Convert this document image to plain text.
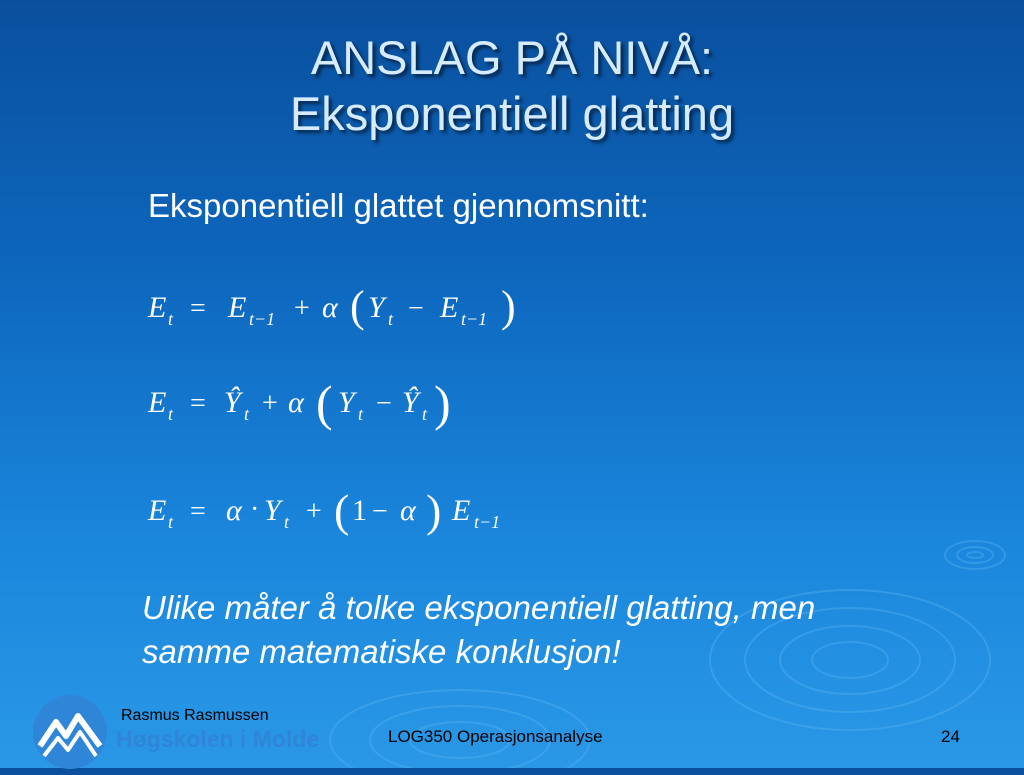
ANSLAG PÅ NIVÅ:
Eksponentiell glatting
Eksponentiell glattet gjennomsnitt:
E t = E t−1 + α ( Y t − E t−1 )
E t = Ŷ t + α ( Y t − Ŷ t )
E t = α · Y t + ( 1 − α ) E t−1
Ulike måter å tolke eksponentiell glatting, men
samme matematiske konklusjon!
Rasmus Rasmussen
Høgskolen i Molde	LOG350 Operasjonsanalyse	24
